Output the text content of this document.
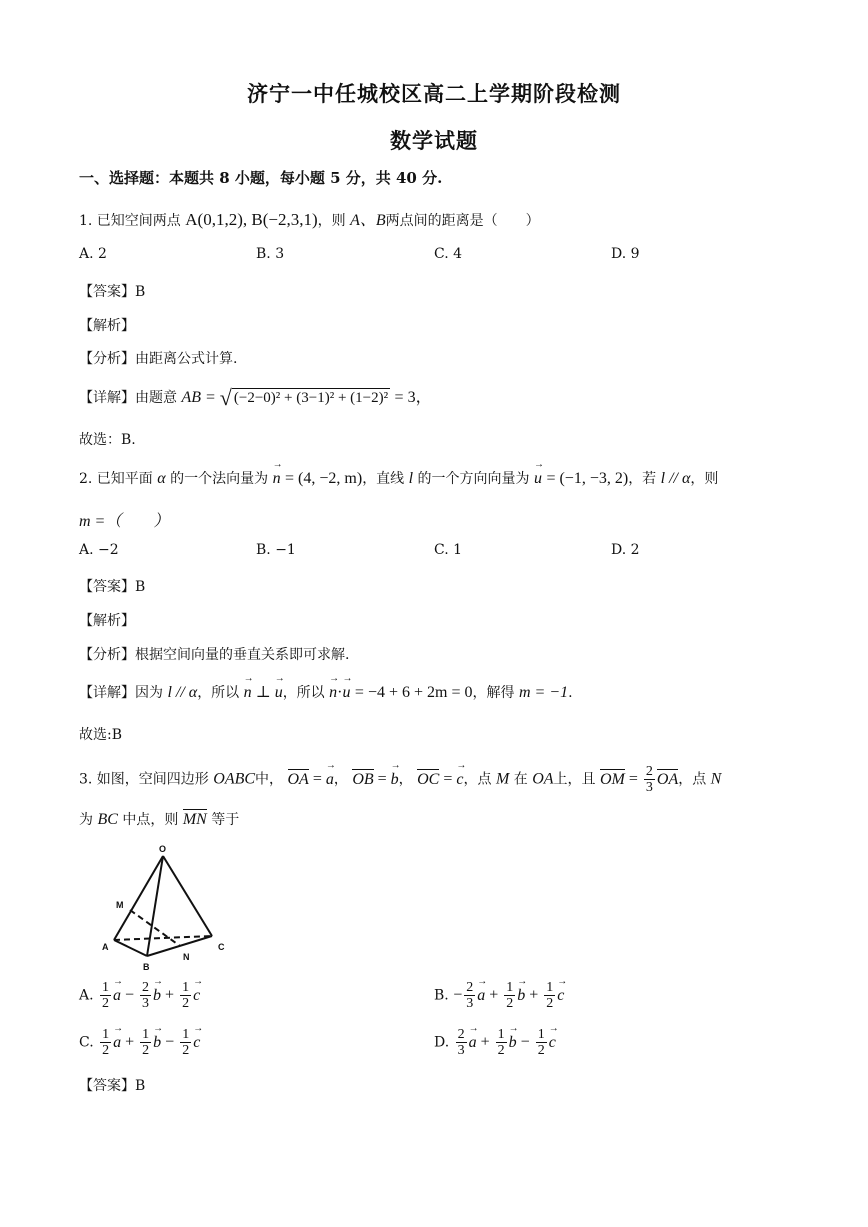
济宁一中任城校区高二上学期阶段检测
数学试题
一、选择题：本题共 8 小题，每小题 5 分，共 40 分.
1. 已知空间两点 A(0,1,2), B(−2,3,1)，则 A、B两点间的距离是（　　）
A. 2	B. 3	C. 4	D. 9
【答案】B
【解析】
【分析】由距离公式计算.
【详解】由题意 AB = √ (−2−0)² + (3−1)² + (1−2)² = 3，
故选：B.
2. 已知平面 α 的一个法向量为 n
→
= (4, −2, m)，直线 l 的一个方向向量为 u
→
= (−1, −3, 2)，若 l // α，则
m =（　　）
A. −2	B. −1	C. 1	D. 2
【答案】B
【解析】
【分析】根据空间向量的垂直关系即可求解.
【详解】因为 l // α，所以 n
→
⊥ u
→
，所以 n
→
·u
→
= −4 + 6 + 2m = 0，解得 m = −1.
故选:B
3. 如图，空间四边形 OABC中， OA = a
→
， OB = b
→
， OC = c
→
，点 M 在 OA上，且 OM = $\frac{2}{3}$ OA，点 N
为 BC 中点，则 MN 等于
O
M
A
B
N
C
A. $\frac{1}{2}$ a
→
− $\frac{2}{3}$ b
→
+ $\frac{1}{2}$ c
→
B. − $\frac{2}{3}$ a
→
+ $\frac{1}{2}$ b
→
+ $\frac{1}{2}$ c
→
C. $\frac{1}{2}$ a
→
+ $\frac{1}{2}$ b
→
− $\frac{1}{2}$ c
→
D. $\frac{2}{3}$ a
→
+ $\frac{1}{2}$ b
→
− $\frac{1}{2}$ c
→
【答案】B
